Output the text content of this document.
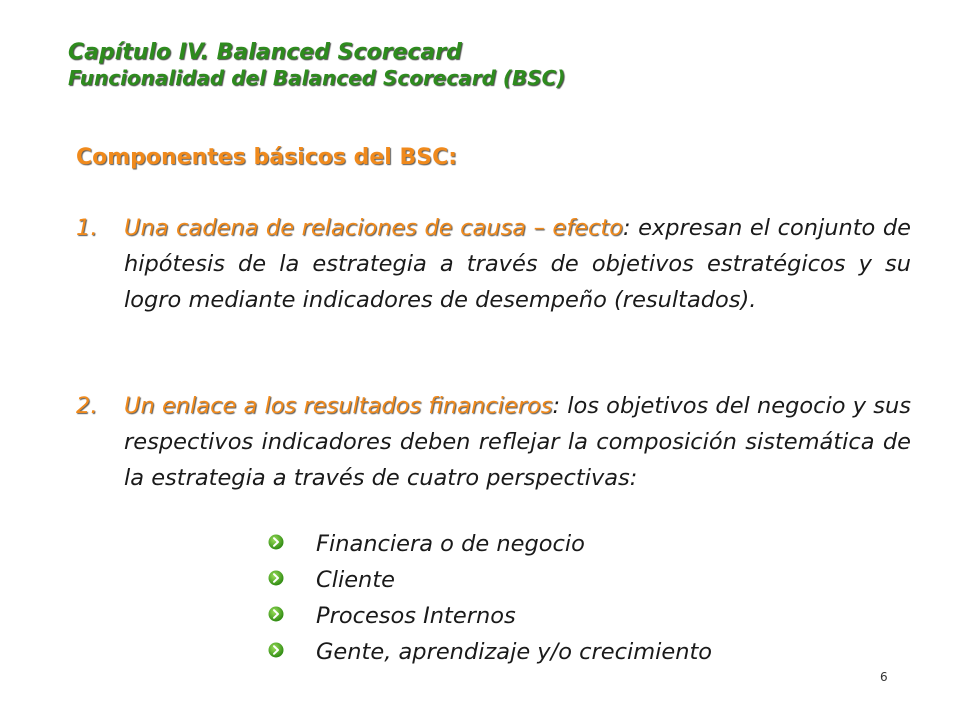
Capítulo IV. Balanced Scorecard
Funcionalidad del Balanced Scorecard (BSC)
Componentes básicos del BSC:
1.	Una cadena de relaciones de causa – efecto: expresan el conjunto de hipótesis de la estrategia a través de objetivos estratégicos y su logro mediante indicadores de desempeño (resultados).
2.	Un enlace a los resultados financieros: los objetivos del negocio y sus respectivos indicadores deben reflejar la composición sistemática de la estrategia a través de cuatro perspectivas:
Financiera o de negocio
Cliente
Procesos Internos
Gente, aprendizaje y/o crecimiento
6
